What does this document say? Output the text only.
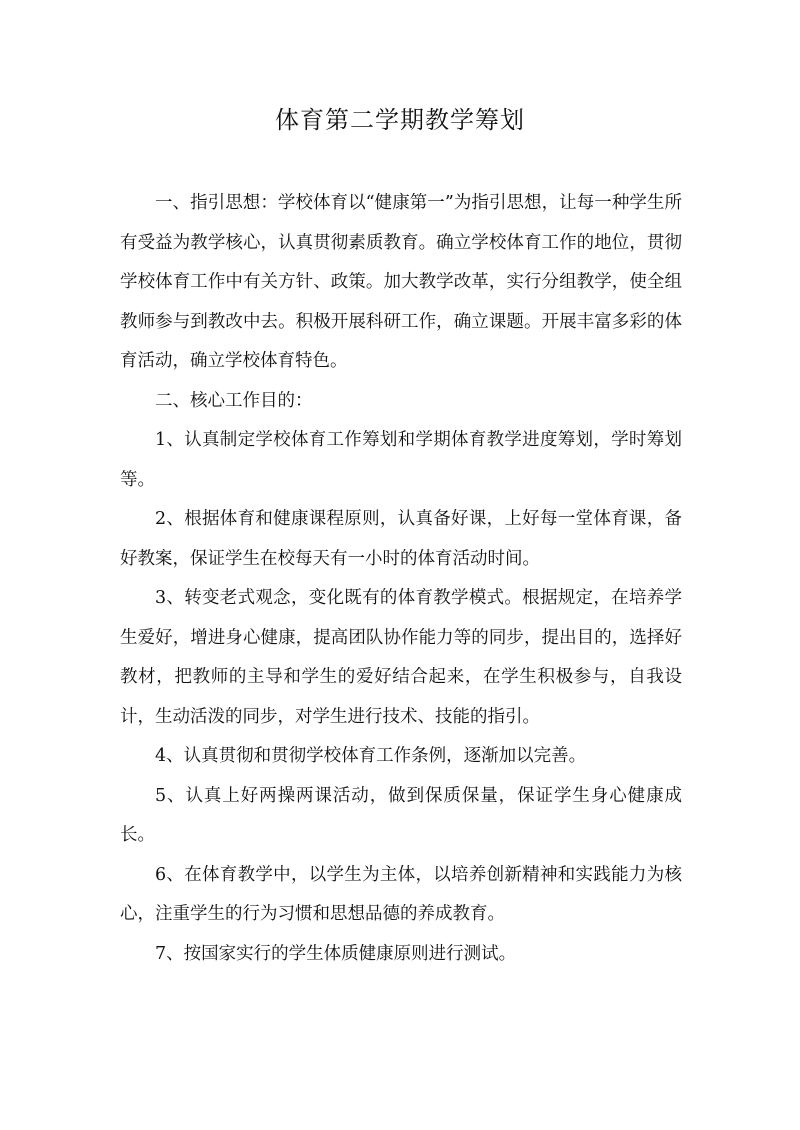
体育第二学期教学筹划

一、指引思想：学校体育以“健康第一”为指引思想，让每一种学生所有受益为教学核心，认真贯彻素质教育。确立学校体育工作的地位，贯彻学校体育工作中有关方针、政策。加大教学改革，实行分组教学，使全组教师参与到教改中去。积极开展科研工作，确立课题。开展丰富多彩的体育活动，确立学校体育特色。

二、核心工作目的：

1、认真制定学校体育工作筹划和学期体育教学进度筹划，学时筹划等。

2、根据体育和健康课程原则，认真备好课，上好每一堂体育课，备好教案，保证学生在校每天有一小时的体育活动时间。

3、转变老式观念，变化既有的体育教学模式。根据规定，在培养学生爱好，增进身心健康，提高团队协作能力等的同步，提出目的，选择好教材，把教师的主导和学生的爱好结合起来，在学生积极参与，自我设计，生动活泼的同步，对学生进行技术、技能的指引。

4、认真贯彻和贯彻学校体育工作条例，逐渐加以完善。

5、认真上好两操两课活动，做到保质保量，保证学生身心健康成长。

6、在体育教学中，以学生为主体，以培养创新精神和实践能力为核心，注重学生的行为习惯和思想品德的养成教育。

7、按国家实行的学生体质健康原则进行测试。
